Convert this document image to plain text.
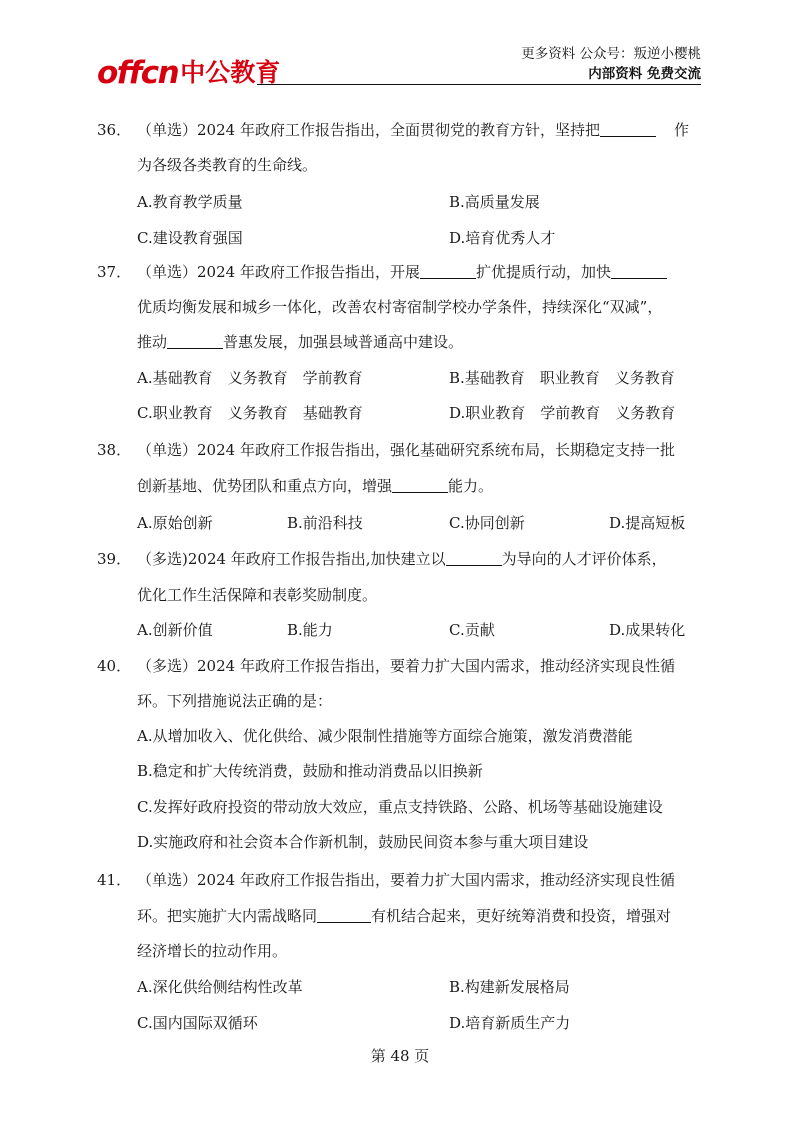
offcn 中公教育
更多资料 公众号：叛逆小樱桃
内部资料 免费交流
36． （单选）2024 年政府工作报告指出，全面贯彻党的教育方针，坚持把	作
为各级各类教育的生命线。
A.教育教学质量	B.高质量发展
C.建设教育强国	D.培育优秀人才
37． （单选）2024 年政府工作报告指出，开展	扩优提质行动，加快
优质均衡发展和城乡一体化，改善农村寄宿制学校办学条件，持续深化“双减”，
推动	普惠发展，加强县域普通高中建设。
A.基础教育　义务教育　学前教育	B.基础教育　职业教育　义务教育
C.职业教育　义务教育　基础教育	D.职业教育　学前教育　义务教育
38． （单选）2024 年政府工作报告指出，强化基础研究系统布局，长期稳定支持一批
创新基地、优势团队和重点方向，增强	能力。
A.原始创新	B.前沿科技	C.协同创新	D.提高短板
39． （多选)2024 年政府工作报告指出,加快建立以	为导向的人才评价体系，
优化工作生活保障和表彰奖励制度。
A.创新价值	B.能力	C.贡献	D.成果转化
40． （多选）2024 年政府工作报告指出，要着力扩大国内需求，推动经济实现良性循
环。下列措施说法正确的是：
A.从增加收入、优化供给、减少限制性措施等方面综合施策，激发消费潜能
B.稳定和扩大传统消费，鼓励和推动消费品以旧换新
C.发挥好政府投资的带动放大效应，重点支持铁路、公路、机场等基础设施建设
D.实施政府和社会资本合作新机制，鼓励民间资本参与重大项目建设
41． （单选）2024 年政府工作报告指出，要着力扩大国内需求，推动经济实现良性循
环。把实施扩大内需战略同	有机结合起来，更好统筹消费和投资，增强对
经济增长的拉动作用。
A.深化供给侧结构性改革	B.构建新发展格局
C.国内国际双循环	D.培育新质生产力
第 48 页
